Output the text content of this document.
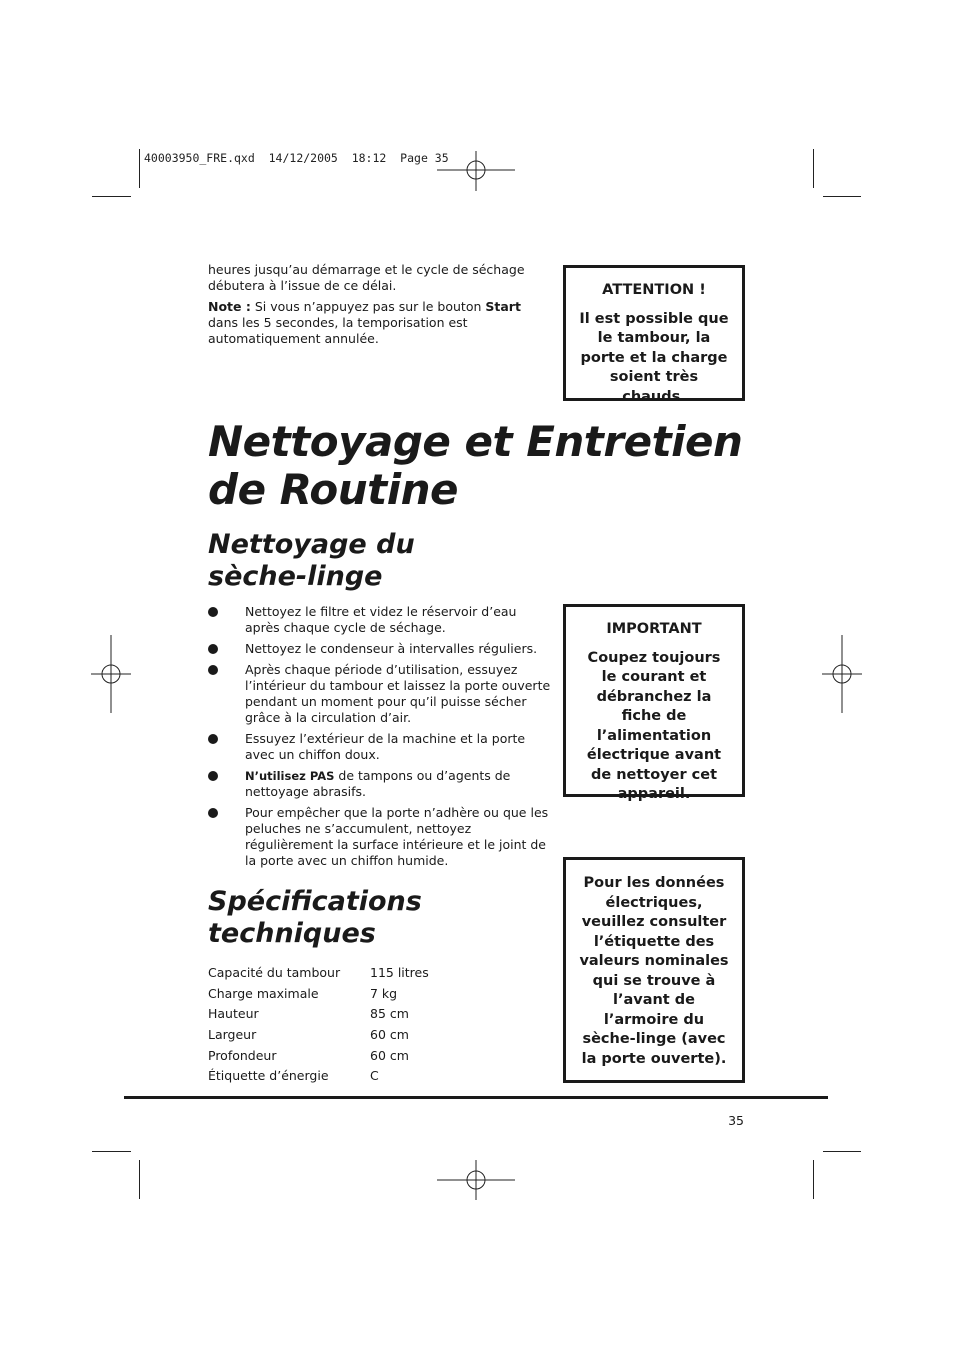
40003950_FRE.qxd  14/12/2005  18:12  Page 35

heures jusqu’au démarrage et le cycle de séchage débutera à l’issue de ce délai.

Note : Si vous n’appuyez pas sur le bouton Start dans les 5 secondes, la temporisation est automatiquement annulée.

ATTENTION !

Il est possible que le tambour, la porte et la charge soient très chauds.

Nettoyage et Entretien de Routine
Nettoyage du sèche-linge
Nettoyez le filtre et videz le réservoir d’eau après chaque cycle de séchage.
Nettoyez le condenseur à intervalles réguliers.
Après chaque période d’utilisation, essuyez l’intérieur du tambour et laissez la porte ouverte pendant un moment pour qu’il puisse sécher grâce à la circulation d’air.
Essuyez l’extérieur de la machine et la porte avec un chiffon doux.
N’utilisez PAS de tampons ou d’agents de nettoyage abrasifs.
Pour empêcher que la porte n’adhère ou que les peluches ne s’accumulent, nettoyez régulièrement la surface intérieure et le joint de la porte avec un chiffon humide.

IMPORTANT

Coupez toujours le courant et débranchez la fiche de l’alimentation électrique avant de nettoyer cet appareil.

Spécifications techniques
Capacité du tambour	115 litres
Charge maximale	7 kg
Hauteur	85 cm
Largeur	60 cm
Profondeur	60 cm
Étiquette d’énergie	C

Pour les données électriques, veuillez consulter l’étiquette des valeurs nominales qui se trouve à l’avant de l’armoire du sèche-linge (avec la porte ouverte).

35
